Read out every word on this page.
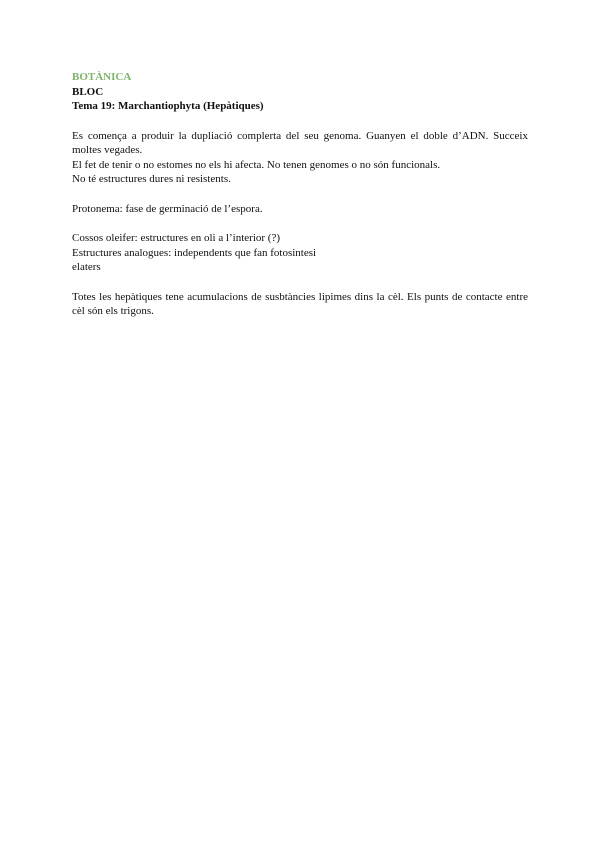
BOTÀNICA

BLOC

Tema 19: Marchantiophyta (Hepàtiques)

Es comença a produir la dupliació complerta del seu genoma. Guanyen el doble d’ADN. Succeix moltes vegades.

El fet de tenir o no estomes no els hi afecta. No tenen genomes o no són funcionals.

No té estructures dures ni resistents.

Protonema: fase de germinació de l’espora.

Cossos oleifer: estructures en oli a l’interior (?)

Estructures analogues: independents que fan fotosintesi

elaters

Totes les hepàtiques tene acumulacions de susbtàncies lipimes dins la cèl. Els punts de contacte entre cèl són els trigons.
